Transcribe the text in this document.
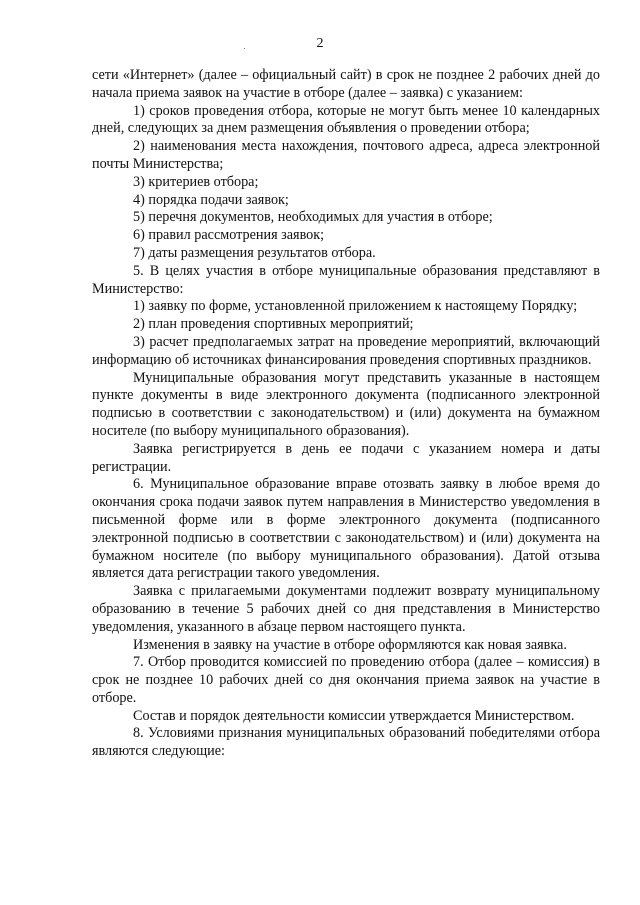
2

сети «Интернет» (далее – официальный сайт) в срок не позднее 2 рабочих дней до начала приема заявок на участие в отборе (далее – заявка) с указанием:

1) сроков проведения отбора, которые не могут быть менее 10 календарных дней, следующих за днем размещения объявления о проведении отбора;

2) наименования места нахождения, почтового адреса, адреса электронной почты Министерства;

3) критериев отбора;

4) порядка подачи заявок;

5) перечня документов, необходимых для участия в отборе;

6) правил рассмотрения заявок;

7) даты размещения результатов отбора.

5. В целях участия в отборе муниципальные образования представляют в Министерство:

1) заявку по форме, установленной приложением к настоящему Порядку;

2) план проведения спортивных мероприятий;

3) расчет предполагаемых затрат на проведение мероприятий, включающий информацию об источниках финансирования проведения спортивных праздников.

Муниципальные образования могут представить указанные в настоящем пункте документы в виде электронного документа (подписанного электронной подписью в соответствии с законодательством) и (или) документа на бумажном носителе (по выбору муниципального образования).

Заявка регистрируется в день ее подачи с указанием номера и даты регистрации.

6. Муниципальное образование вправе отозвать заявку в любое время до окончания срока подачи заявок путем направления в Министерство уведомления в письменной форме или в форме электронного документа (подписанного электронной подписью в соответствии с законодательством) и (или) документа на бумажном носителе (по выбору муниципального образования). Датой отзыва является дата регистрации такого уведомления.

Заявка с прилагаемыми документами подлежит возврату муниципальному образованию в течение 5 рабочих дней со дня представления в Министерство уведомления, указанного в абзаце первом настоящего пункта.

Изменения в заявку на участие в отборе оформляются как новая заявка.

7. Отбор проводится комиссией по проведению отбора (далее – комиссия) в срок не позднее 10 рабочих дней со дня окончания приема заявок на участие в отборе.

Состав и порядок деятельности комиссии утверждается Министерством.

8. Условиями признания муниципальных образований победителями отбора являются следующие:
